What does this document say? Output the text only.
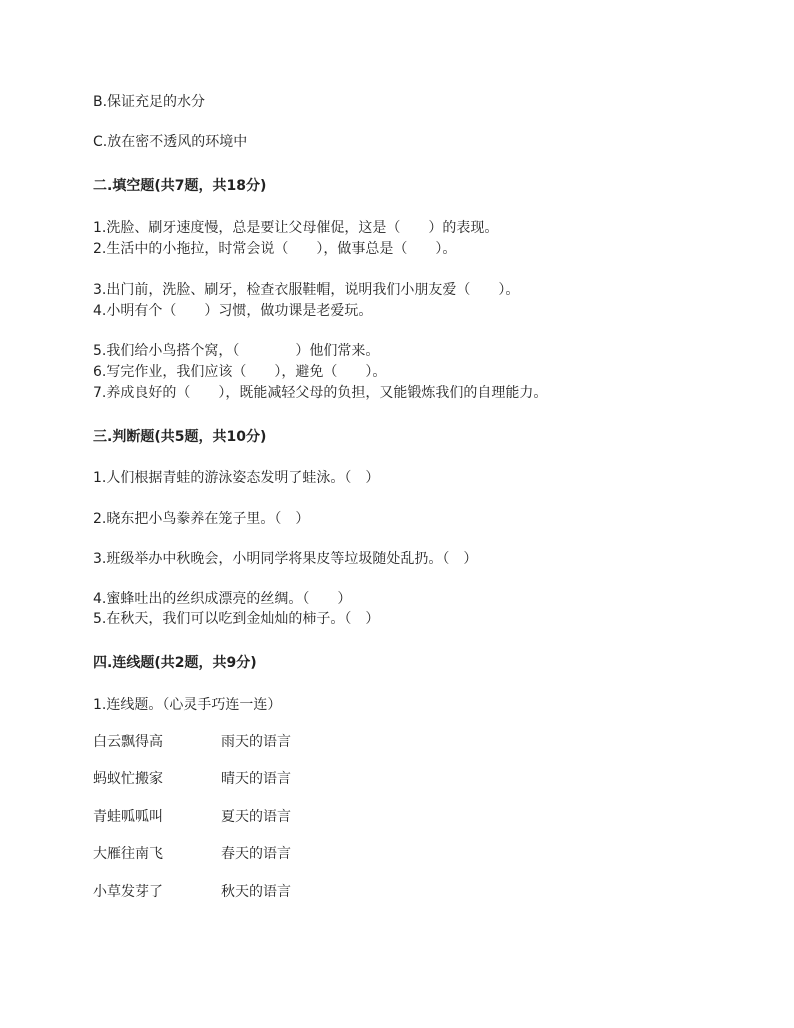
B.保证充足的水分
C.放在密不透风的环境中
二.填空题(共7题，共18分)
1.洗脸、刷牙速度慢，总是要让父母催促，这是（　　）的表现。
2.生活中的小拖拉，时常会说（　　），做事总是（　　）。
3.出门前，洗脸、刷牙，检查衣服鞋帽，说明我们小朋友爱（　　）。
4.小明有个（　　）习惯，做功课是老爱玩。
5.我们给小鸟搭个窝，（　　　　）他们常来。
6.写完作业，我们应该（　　），避免（　　）。
7.养成良好的（　　），既能减轻父母的负担，又能锻炼我们的自理能力。
三.判断题(共5题，共10分)
1.人们根据青蛙的游泳姿态发明了蛙泳。（　）
2.晓东把小鸟豢养在笼子里。（　）
3.班级举办中秋晚会，小明同学将果皮等垃圾随处乱扔。（　）
4.蜜蜂吐出的丝织成漂亮的丝绸。（　　）
5.在秋天，我们可以吃到金灿灿的柿子。（　）
四.连线题(共2题，共9分)
1.连线题。（心灵手巧连一连）
白云飘得高	雨天的语言
蚂蚁忙搬家	晴天的语言
青蛙呱呱叫	夏天的语言
大雁往南飞	春天的语言
小草发芽了	秋天的语言
